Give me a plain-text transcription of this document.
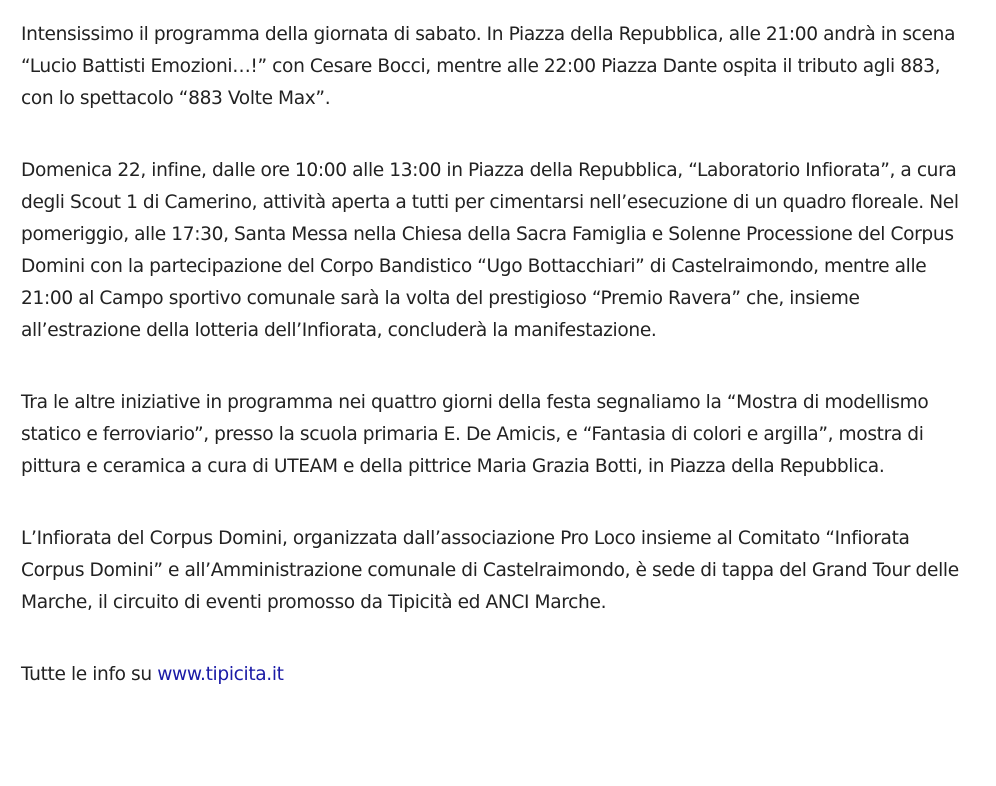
Intensissimo il programma della giornata di sabato. In Piazza della Repubblica, alle 21:00 andrà in scena “Lucio Battisti Emozioni…!” con Cesare Bocci, mentre alle 22:00 Piazza Dante ospita il tributo agli 883, con lo spettacolo “883 Volte Max”.

Domenica 22, infine, dalle ore 10:00 alle 13:00 in Piazza della Repubblica, “Laboratorio Infiorata”, a cura degli Scout 1 di Camerino, attività aperta a tutti per cimentarsi nell’esecuzione di un quadro floreale. Nel pomeriggio, alle 17:30, Santa Messa nella Chiesa della Sacra Famiglia e Solenne Processione del Corpus Domini con la partecipazione del Corpo Bandistico “Ugo Bottacchiari” di Castelraimondo, mentre alle 21:00 al Campo sportivo comunale sarà la volta del prestigioso “Premio Ravera” che, insieme all’estrazione della lotteria dell’Infiorata, concluderà la manifestazione.

Tra le altre iniziative in programma nei quattro giorni della festa segnaliamo la “Mostra di modellismo statico e ferroviario”, presso la scuola primaria E. De Amicis, e “Fantasia di colori e argilla”, mostra di pittura e ceramica a cura di UTEAM e della pittrice Maria Grazia Botti, in Piazza della Repubblica.

L’Infiorata del Corpus Domini, organizzata dall’associazione Pro Loco insieme al Comitato “Infiorata Corpus Domini” e all’Amministrazione comunale di Castelraimondo, è sede di tappa del Grand Tour delle Marche, il circuito di eventi promosso da Tipicità ed ANCI Marche.

Tutte le info su www.tipicita.it
